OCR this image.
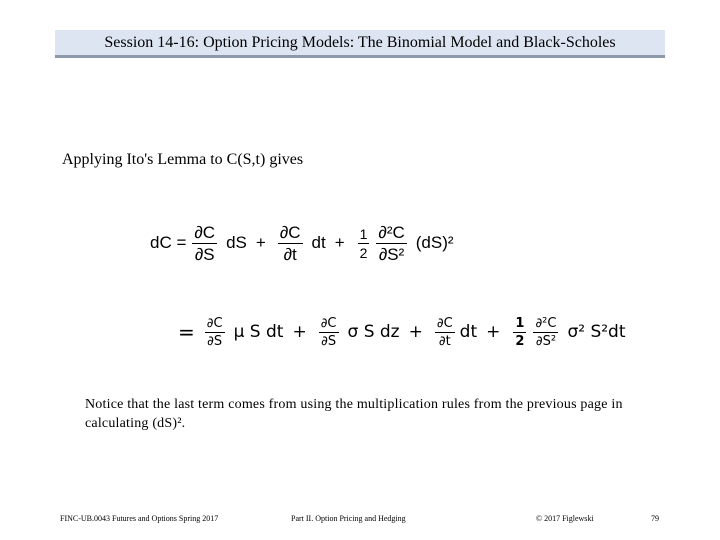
Session 14-16: Option Pricing Models: The Binomial Model and Black-Scholes
Applying Ito's Lemma to C(S,t) gives
dC = $\frac{\partial C}{\partial S}$ dS + $\frac{\partial C}{\partial t}$ dt + $\frac{1}{2} \frac{\text{∂²C}}{\text{∂S²}} (dS)^2$
= $\frac{\partial C}{\partial S}$ μ S dt + $\frac{\partial C}{\partial S}$ σ S dz + $\frac{\partial C}{\partial t}$ dt + $\frac{1}{2} \frac{\text{∂²C}}{\text{∂S²}} \sigma^2$ S²dt
Notice that the last term comes from using the multiplication rules from the previous page in calculating (dS)².
FINC-UB.0043 Futures and Options Spring 2017	Part II. Option Pricing and Hedging	© 2017 Figlewski	79
